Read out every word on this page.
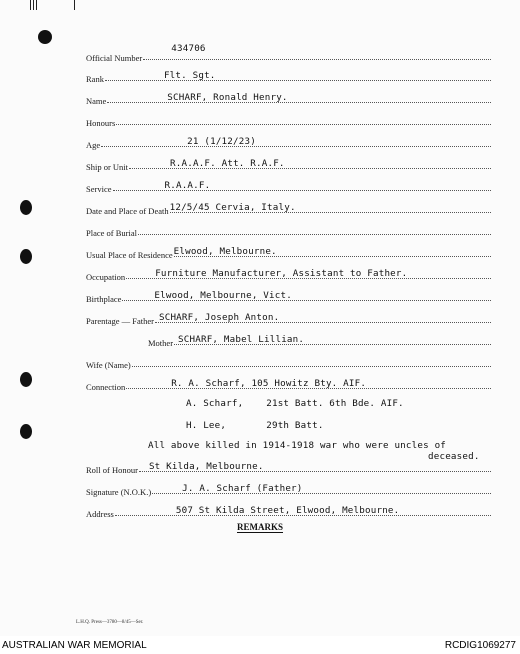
Official Number
434706
Rank	Flt. Sgt.
Name	SCHARF, Ronald Henry.
Honours
Age	21 (1/12/23)
Ship or Unit	R.A.A.F. Att. R.A.F.
Service	R.A.A.F.
Date and Place of Death 12/5/45 Cervia, Italy.
Place of Burial
Usual Place of Residence Elwood, Melbourne.
Occupation	Furniture Manufacturer, Assistant to Father.
Birthplace	Elwood, Melbourne, Vict.
Parentage — Father SCHARF, Joseph Anton.
Mother SCHARF, Mabel Lillian.
Wife (Name)
Connection	R. A. Scharf, 105 Howitz Bty. AIF.
A. Scharf,    21st Batt. 6th Bde. AIF.
H. Lee,       29th Batt.
All above killed in 1914-1918 war who were uncles of
deceased.
Roll of Honour St Kilda, Melbourne.
Signature (N.O.K.)	J. A. Scharf (Father)
Address	507 St Kilda Street, Elwood, Melbourne.
REMARKS
L.H.Q. Press—3780—8/45—Ser.
AUSTRALIAN WAR MEMORIAL	RCDIG1069277
